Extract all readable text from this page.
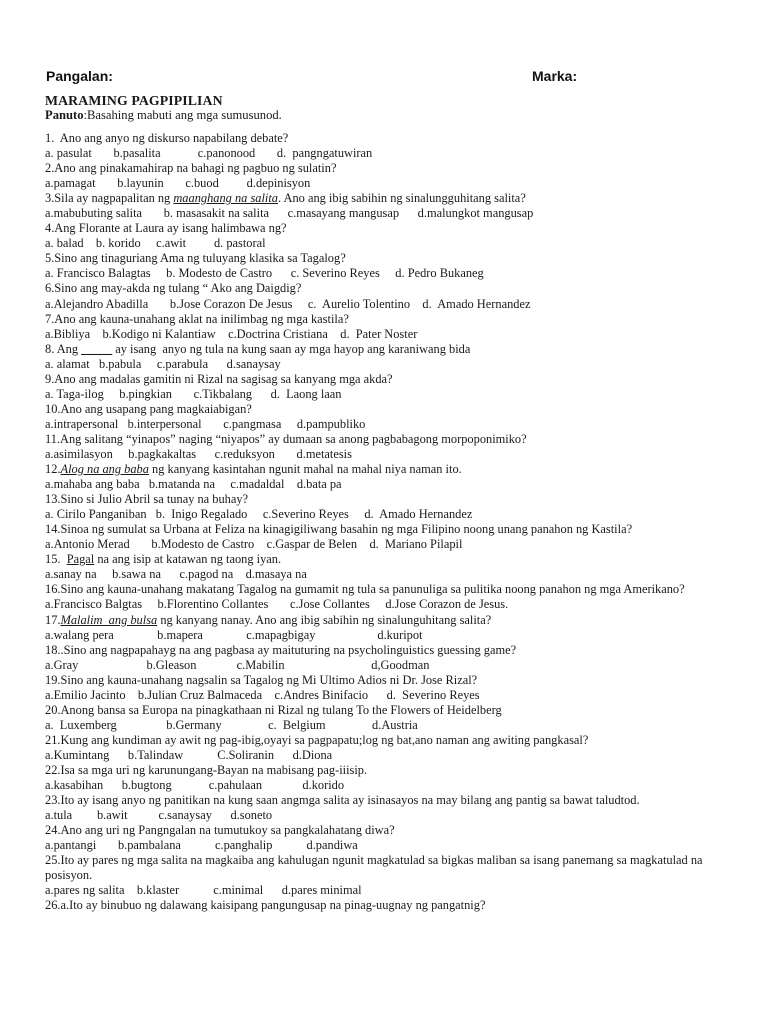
Pangalan:	Marka:

MARAMING PAGPIPILIAN

Panuto:Basahing mabuti ang mga sumusunod.

1.  Ano ang anyo ng diskurso napabilang debate?

a. pasulat       b.pasalita            c.panonood       d.  pangngatuwiran

2.Ano ang pinakamahirap na bahagi ng pagbuo ng sulatin?

a.pamagat       b.layunin       c.buod         d.depinisyon

3.Sila ay nagpapalitan ng maanghang na salita. Ano ang ibig sabihin ng sinalungguhitang salita?

a.mabubuting salita       b. masasakit na salita      c.masayang mangusap      d.malungkot mangusap

4.Ang Florante at Laura ay isang halimbawa ng?

a. balad    b. korido     c.awit         d. pastoral

5.Sino ang tinaguriang Ama ng tuluyang klasika sa Tagalog?

a. Francisco Balagtas     b. Modesto de Castro      c. Severino Reyes     d. Pedro Bukaneg

6.Sino ang may-akda ng tulang “ Ako ang Daigdig?

a.Alejandro Abadilla       b.Jose Corazon De Jesus     c.  Aurelio Tolentino    d.  Amado Hernandez

7.Ano ang kauna-unahang aklat na inilimbag ng mga kastila?

a.Bibliya    b.Kodigo ni Kalantiaw    c.Doctrina Cristiana    d.  Pater Noster

8. Ang _____ ay isang  anyo ng tula na kung saan ay mga hayop ang karaniwang bida

a. alamat   b.pabula     c.parabula      d.sanaysay

9.Ano ang madalas gamitin ni Rizal na sagisag sa kanyang mga akda?

a. Taga-ilog     b.pingkian       c.Tikbalang      d.  Laong laan

10.Ano ang usapang pang magkaiabigan?

a.intrapersonal   b.interpersonal       c.pangmasa     d.pampubliko

11.Ang salitang “yinapos” naging “niyapos” ay dumaan sa anong pagbabagong morpoponimiko?

a.asimilasyon     b.pagkakaltas      c.reduksyon       d.metatesis

12.Alog na ang baba ng kanyang kasintahan ngunit mahal na mahal niya naman ito.

a.mahaba ang baba   b.matanda na     c.madaldal    d.bata pa

13.Sino si Julio Abril sa tunay na buhay?

a. Cirilo Panganiban   b.  Inigo Regalado     c.Severino Reyes     d.  Amado Hernandez

14.Sinoa ng sumulat sa Urbana at Feliza na kinagigiliwang basahin ng mga Filipino noong unang panahon ng Kastila?

a.Antonio Merad       b.Modesto de Castro    c.Gaspar de Belen    d.  Mariano Pilapil

15.  Pagal na ang isip at katawan ng taong iyan.

a.sanay na     b.sawa na      c.pagod na    d.masaya na

16.Sino ang kauna-unahang makatang Tagalog na gumamit ng tula sa panunuliga sa pulitika noong panahon ng mga Amerikano?

a.Francisco Balgtas     b.Florentino Collantes       c.Jose Collantes     d.Jose Corazon de Jesus.

17.Malalim  ang bulsa ng kanyang nanay. Ano ang ibig sabihin ng sinalunguhitang salita?

a.walang pera              b.mapera              c.mapagbigay                    d.kuripot

18..Sino ang nagpapahayg na ang pagbasa ay maituturing na psycholinguistics guessing game?

a.Gray                      b.Gleason             c.Mabilin                            d,Goodman

19.Sino ang kauna-unahang nagsalin sa Tagalog ng Mi Ultimo Adios ni Dr. Jose Rizal?

a.Emilio Jacinto    b.Julian Cruz Balmaceda    c.Andres Binifacio      d.  Severino Reyes

20.Anong bansa sa Europa na pinagkathaan ni Rizal ng tulang To the Flowers of Heidelberg

a.  Luxemberg                b.Germany               c.  Belgium               d.Austria

21.Kung ang kundiman ay awit ng pag-ibig,oyayi sa pagpapatu;log ng bat,ano naman ang awiting pangkasal?

a.Kumintang      b.Talindaw           C.Soliranin      d.Diona

22.Isa sa mga uri ng karunungang-Bayan na mabisang pag-iiisip.

a.kasabihan      b.bugtong            c.pahulaan             d.korido

23.Ito ay isang anyo ng panitikan na kung saan angmga salita ay isinasayos na may bilang ang pantig sa bawat taludtod.

a.tula        b.awit          c.sanaysay      d.soneto

24.Ano ang uri ng Pangngalan na tumutukoy sa pangkalahatang diwa?

a.pantangi       b.pambalana           c.panghalip           d.pandiwa

25.Ito ay pares ng mga salita na magkaiba ang kahulugan ngunit magkatulad sa bigkas maliban sa isang panemang sa magkatulad na posisyon.

a.pares ng salita    b.klaster           c.minimal      d.pares minimal

26.a.Ito ay binubuo ng dalawang kaisipang pangungusap na pinag-uugnay ng pangatnig?
